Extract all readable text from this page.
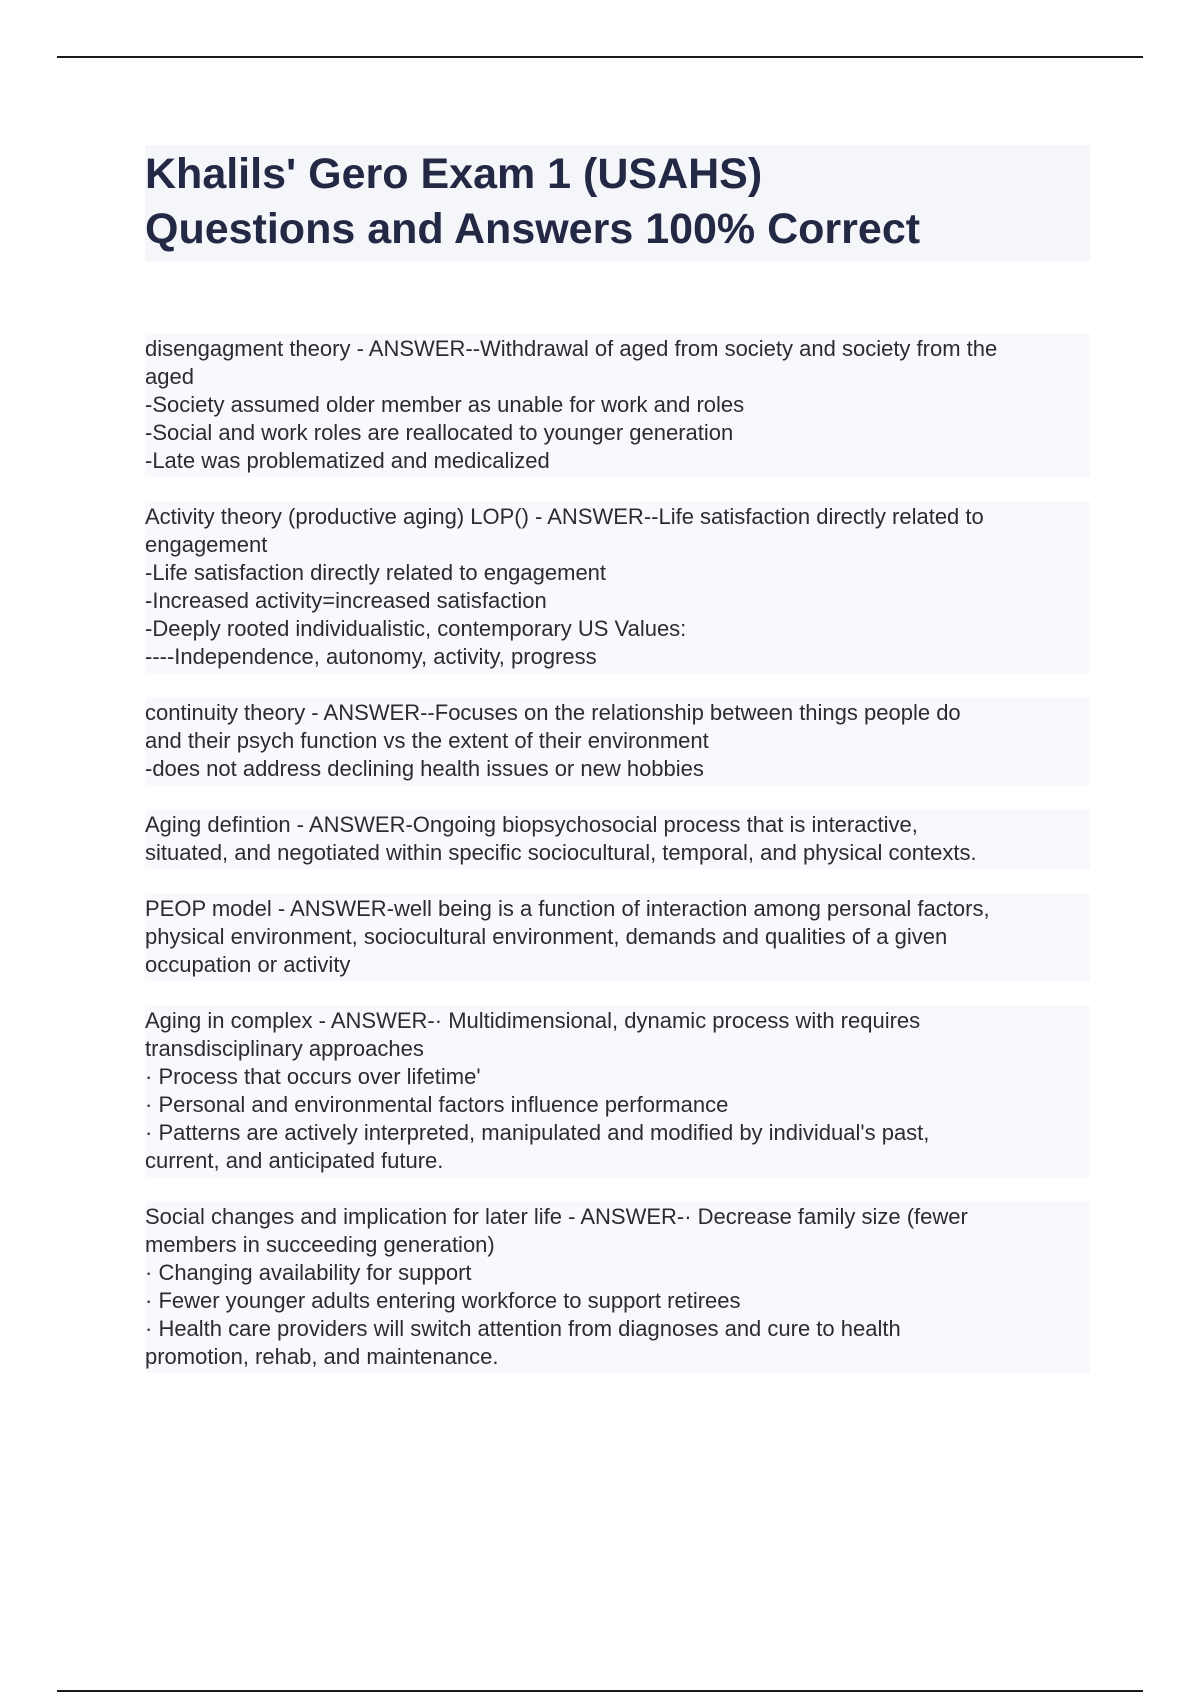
Khalils' Gero Exam 1 (USAHS)
Questions and Answers 100% Correct
disengagment theory - ANSWER--Withdrawal of aged from society and society from the
aged
-Society assumed older member as unable for work and roles
-Social and work roles are reallocated to younger generation
-Late was problematized and medicalized
Activity theory (productive aging) LOP() - ANSWER--Life satisfaction directly related to
engagement
-Life satisfaction directly related to engagement
-Increased activity=increased satisfaction
-Deeply rooted individualistic, contemporary US Values:
----Independence, autonomy, activity, progress
continuity theory - ANSWER--Focuses on the relationship between things people do
and their psych function vs the extent of their environment
-does not address declining health issues or new hobbies
Aging defintion - ANSWER-Ongoing biopsychosocial process that is interactive,
situated, and negotiated within specific sociocultural, temporal, and physical contexts.
PEOP model - ANSWER-well being is a function of interaction among personal factors,
physical environment, sociocultural environment, demands and qualities of a given
occupation or activity
Aging in complex - ANSWER-· Multidimensional, dynamic process with requires
transdisciplinary approaches
· Process that occurs over lifetime'
· Personal and environmental factors influence performance
· Patterns are actively interpreted, manipulated and modified by individual's past,
current, and anticipated future.
Social changes and implication for later life - ANSWER-· Decrease family size (fewer
members in succeeding generation)
· Changing availability for support
· Fewer younger adults entering workforce to support retirees
· Health care providers will switch attention from diagnoses and cure to health
promotion, rehab, and maintenance.
